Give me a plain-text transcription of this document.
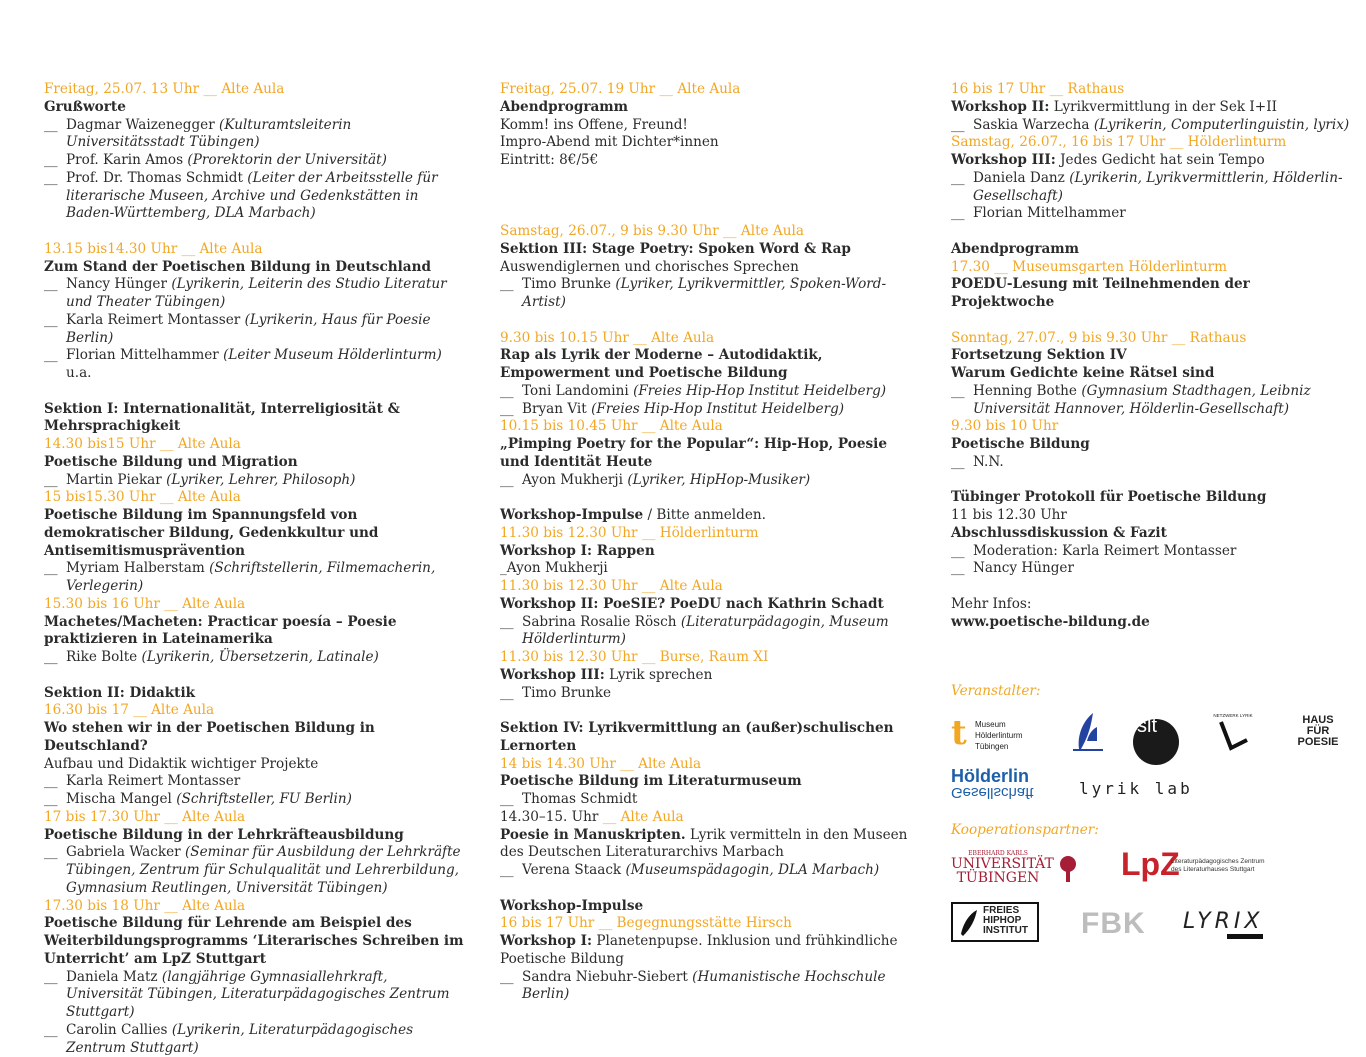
Freitag, 25.07. 13 Uhr __ Alte Aula
Grußworte
__ Dagmar Waizenegger (Kulturamtsleiterin Universitätsstadt Tübingen)
__ Prof. Karin Amos (Prorektorin der Universität)
__ Prof. Dr. Thomas Schmidt (Leiter der Arbeitsstelle für literarische Museen, Archive und Gedenkstätten in Baden-Württemberg, DLA Marbach)
13.15 bis14.30 Uhr __ Alte Aula
Zum Stand der Poetischen Bildung in Deutschland
__ Nancy Hünger (Lyrikerin, Leiterin des Studio Literatur und Theater Tübingen)
__ Karla Reimert Montasser (Lyrikerin, Haus für Poesie Berlin)
__ Florian Mittelhammer (Leiter Museum Hölderlinturm) u.a.
Sektion I: Internationalität, Interreligiosität & Mehrsprachigkeit
14.30 bis15 Uhr __ Alte Aula
Poetische Bildung und Migration
__ Martin Piekar (Lyriker, Lehrer, Philosoph)
15 bis15.30 Uhr __ Alte Aula
Poetische Bildung im Spannungsfeld von demokratischer Bildung, Gedenkkultur und Antisemitismusprävention
__ Myriam Halberstam (Schriftstellerin, Filmemacherin, Verlegerin)
15.30 bis 16 Uhr __ Alte Aula
Machetes/Macheten: Practicar poesía – Poesie praktizieren in Lateinamerika
__ Rike Bolte (Lyrikerin, Übersetzerin, Latinale)
Sektion II: Didaktik
16.30 bis 17 __ Alte Aula
Wo stehen wir in der Poetischen Bildung in Deutschland?
Aufbau und Didaktik wichtiger Projekte
__ Karla Reimert Montasser
__ Mischa Mangel (Schriftsteller, FU Berlin)
17 bis 17.30 Uhr __ Alte Aula
Poetische Bildung in der Lehrkräfteausbildung
__ Gabriela Wacker (Seminar für Ausbildung der Lehrkräfte Tübingen, Zentrum für Schulqualität und Lehrerbildung, Gymnasium Reutlingen, Universität Tübingen)
17.30 bis 18 Uhr __ Alte Aula
Poetische Bildung für Lehrende am Beispiel des Weiterbildungsprogramms ‘Literarisches Schreiben im Unterricht’ am LpZ Stuttgart
__ Daniela Matz (langjährige Gymnasiallehrkraft, Universität Tübingen, Literaturpädagogisches Zentrum Stuttgart)
__ Carolin Callies (Lyrikerin, Literaturpädagogisches Zentrum Stuttgart)
Freitag, 25.07. 19 Uhr __ Alte Aula
Abendprogramm
Komm! ins Offene, Freund!
Impro-Abend mit Dichter*innen
Eintritt: 8€/5€
Samstag, 26.07., 9 bis 9.30 Uhr __ Alte Aula
Sektion III: Stage Poetry: Spoken Word & Rap
Auswendiglernen und chorisches Sprechen
__ Timo Brunke (Lyriker, Lyrikvermittler, Spoken-Word-Artist)
9.30 bis 10.15 Uhr __ Alte Aula
Rap als Lyrik der Moderne – Autodidaktik, Empowerment und Poetische Bildung
__ Toni Landomini (Freies Hip-Hop Institut Heidelberg)
__ Bryan Vit (Freies Hip-Hop Institut Heidelberg)
10.15 bis 10.45 Uhr __ Alte Aula
„Pimping Poetry for the Popular“: Hip-Hop, Poesie und Identität Heute
__ Ayon Mukherji (Lyriker, HipHop-Musiker)
Workshop-Impulse / Bitte anmelden.
11.30 bis 12.30 Uhr __ Hölderlinturm
Workshop I: Rappen
_Ayon Mukherji
11.30 bis 12.30 Uhr __ Alte Aula
Workshop II: PoeSIE? PoeDU nach Kathrin Schadt
__ Sabrina Rosalie Rösch (Literaturpädagogin, Museum Hölderlinturm)
11.30 bis 12.30 Uhr __ Burse, Raum XI
Workshop III: Lyrik sprechen
__ Timo Brunke
Sektion IV: Lyrikvermittlung an (außer)schulischen Lernorten
14 bis 14.30 Uhr __ Alte Aula
Poetische Bildung im Literaturmuseum
__ Thomas Schmidt
14.30–15. Uhr __ Alte Aula
Poesie in Manuskripten. Lyrik vermitteln in den Museen des Deutschen Literaturarchivs Marbach
__ Verena Staack (Museumspädagogin, DLA Marbach)
Workshop-Impulse
16 bis 17 Uhr __ Begegnungsstätte Hirsch
Workshop I: Planetenpupse. Inklusion und frühkindliche Poetische Bildung
__ Sandra Niebuhr-Siebert (Humanistische Hochschule Berlin)
16 bis 17 Uhr __ Rathaus
Workshop II: Lyrikvermittlung in der Sek I+II
__ Saskia Warzecha (Lyrikerin, Computerlinguistin, lyrix)
Samstag, 26.07., 16 bis 17 Uhr __ Hölderlinturm
Workshop III: Jedes Gedicht hat sein Tempo
__ Daniela Danz (Lyrikerin, Lyrikvermittlerin, Hölderlin-Gesellschaft)
__ Florian Mittelhammer
Abendprogramm
17.30 __ Museumsgarten Hölderlinturm
POEDU-Lesung mit Teilnehmenden der Projektwoche
Sonntag, 27.07., 9 bis 9.30 Uhr __ Rathaus
Fortsetzung Sektion IV
Warum Gedichte keine Rätsel sind
__ Henning Bothe (Gymnasium Stadthagen, Leibniz Universität Hannover, Hölderlin-Gesellschaft)
9.30 bis 10 Uhr
Poetische Bildung
__ N.N.
Tübinger Protokoll für Poetische Bildung
11 bis 12.30 Uhr
Abschlussdiskussion & Fazit
__ Moderation: Karla Reimert Montasser
__ Nancy Hünger
Mehr Infos:
www.poetische-bildung.de
Veranstalter:
t Museum
Hölderlinturm
Tübingen
slt	NETZWERK LYRIK	HAUS
FÜR
POESIE
Hölderlin
Gesellschaft	lyrik lab
Kooperationspartner:
EBERHARD KARLS
UNIVERSITÄT
TÜBINGEN	LpZ
Literaturpädagogisches Zentrum
des Literaturhauses Stuttgart
FREIES
HIPHOP
INSTITUT FBK LYRIX
